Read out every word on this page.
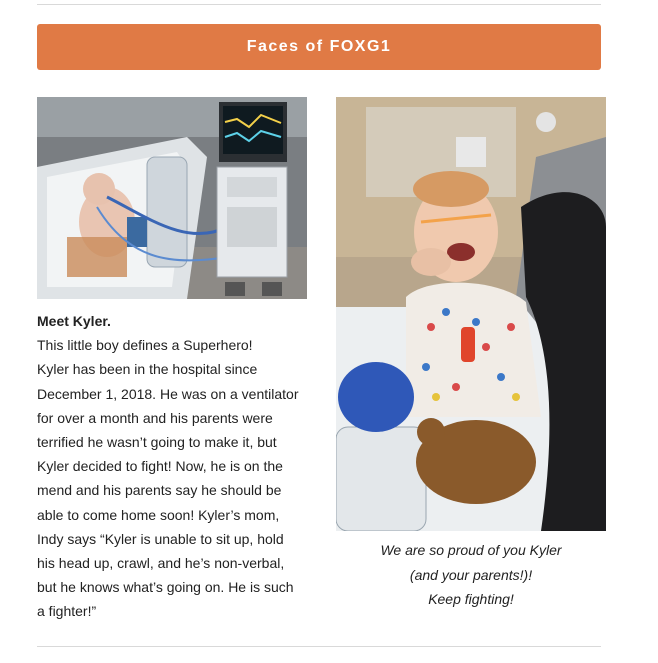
Faces of FOXG1
Meet Kyler.
This little boy defines a Superhero!
Kyler has been in the hospital since
December 1, 2018. He was on a ventilator
for over a month and his parents were
terrified he wasn’t going to make it, but
Kyler decided to fight! Now, he is on the
mend and his parents say he should be
able to come home soon! Kyler’s mom,
Indy says “Kyler is unable to sit up, hold
his head up, crawl, and he’s non-verbal,
but he knows what’s going on. He is such
a fighter!”
We are so proud of you Kyler
(and your parents!)!
Keep fighting!
